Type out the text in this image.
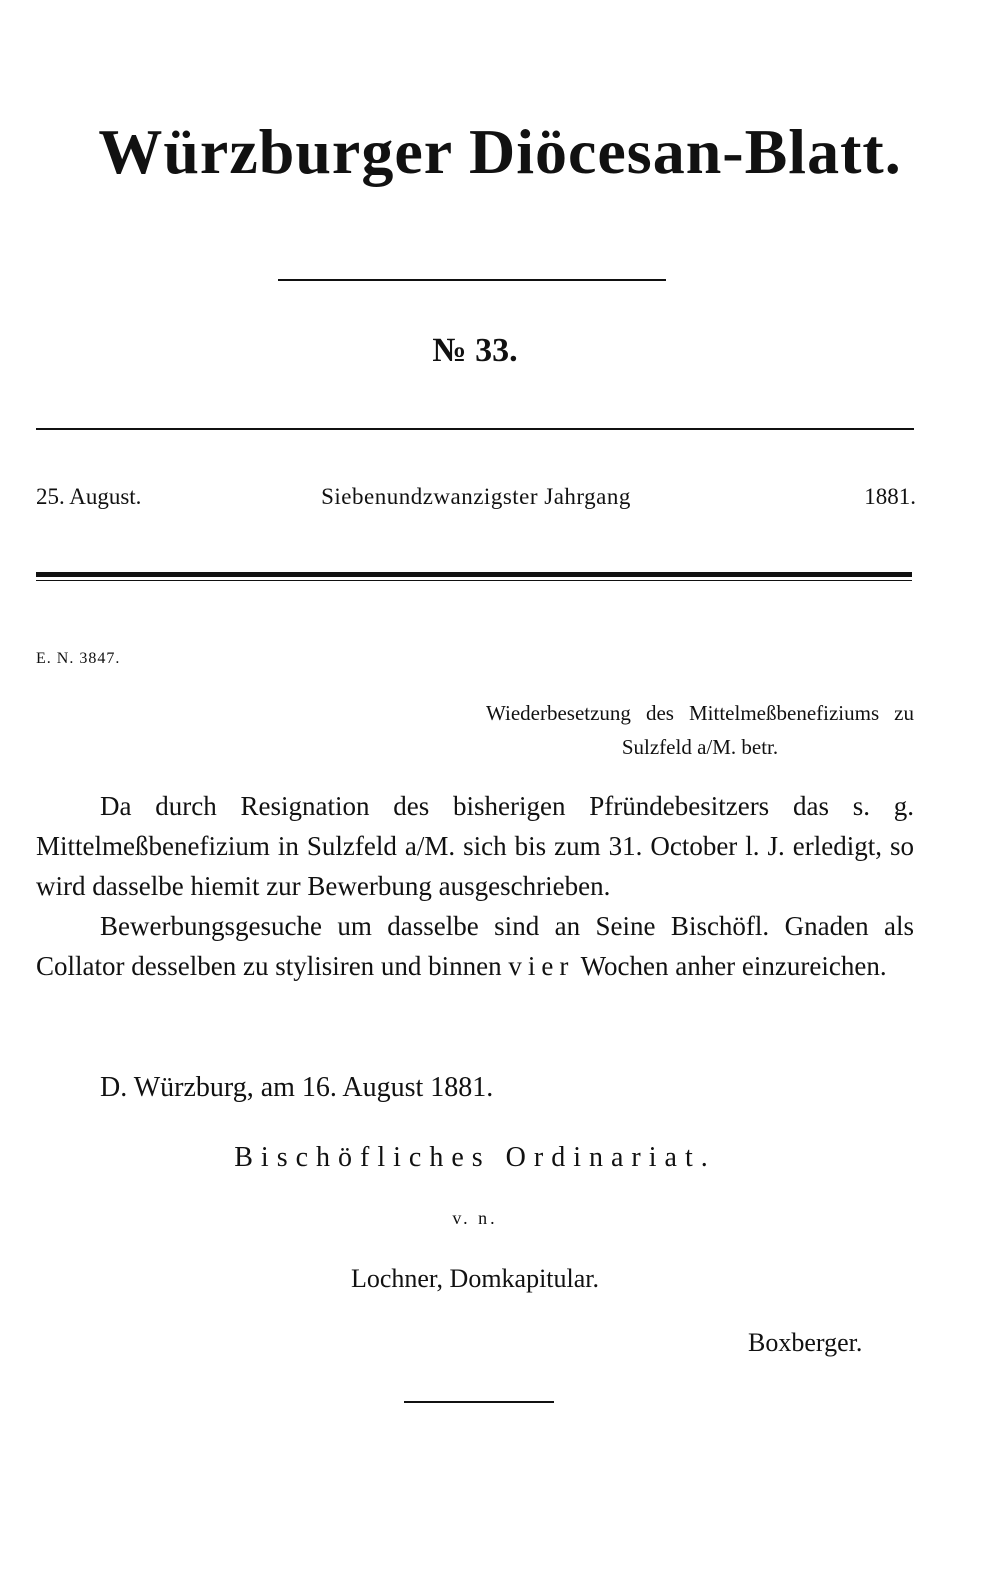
Würzburger Diöcesan-Blatt.
№ 33.
25. August.	Siebenundzwanzigster Jahrgang	1881.
E. N. 3847.
Wiederbesetzung des Mittelmeßbenefiziums zu Sulzfeld a/M. betr.

Da durch Resignation des bisherigen Pfründebesitzers das s. g. Mittelmeßbenefizium in Sulzfeld a/M. sich bis zum 31. October l. J. erledigt, so wird dasselbe hiemit zur Bewerbung ausgeschrieben.

Bewerbungsgesuche um dasselbe sind an Seine Bischöfl. Gnaden als Collator desselben zu stylisiren und binnen vier Wochen anher einzureichen.

D. Würzburg, am 16. August 1881.
Bischöfliches Ordinariat.
v. n.
Lochner, Domkapitular.
Boxberger.
